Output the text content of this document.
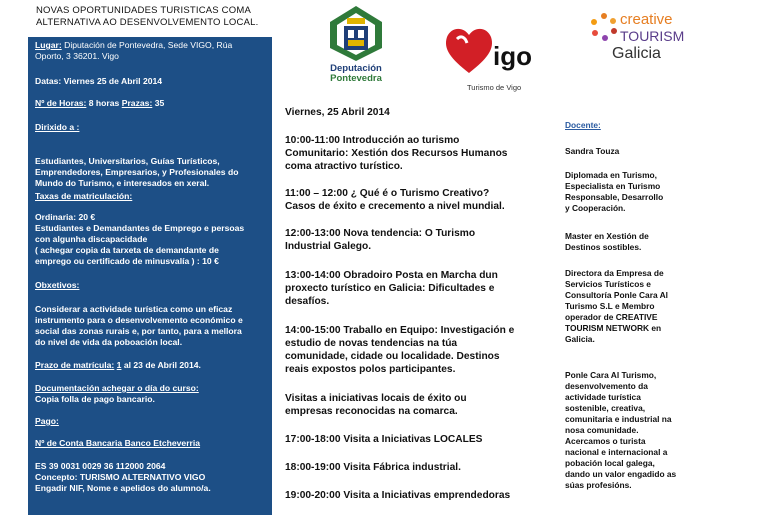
NOVAS OPORTUNIDADES TURISTICAS COMA
ALTERNATIVA AO DESENVOLVEMENTO LOCAL.
Lugar: Diputación de Pontevedra, Sede VIGO, Rúa
Oporto, 3 36201. Vigo
Datas: Viernes 25 de Abril 2014
Nº de Horas: 8 horas Prazas: 35
Dirixido a :
Estudiantes, Universitarios, Guías Turísticos,
Emprendedores, Empresarios, y Profesionales do
Mundo do Turismo, e interesados en xeral.
Taxas de matriculación:
Ordinaria: 20 €
Estudiantes e Demandantes de Emprego e persoas
con algunha discapacidade
( achegar copia da tarxeta de demandante de
emprego ou certificado de minusvalía ) : 10 €
Obxetivos:
Considerar a actividade turística como un eficaz
instrumento para o desenvolvemento económico e
social das zonas rurais e, por tanto, para a mellora
do nivel de vida da poboación local.
Prazo de matrícula: 1 al 23 de Abril 2014.
Documentación achegar o día do curso:
Copia folla de pago bancario.
Pago:
Nº de Conta Bancaria Banco Etcheverria
ES 39 0031 0029 36 112000 2064
Concepto: TURISMO ALTERNATIVO VIGO
Engadir NIF, Nome e apelidos do alumno/a.
Deputación
Pontevedra
igo
Turismo de Vigo
creative
TOURISM
Galicia
Viernes, 25 Abril 2014
10:00-11:00 Introducción ao turismo
Comunitario: Xestión dos Recursos Humanos
coma atractivo turístico.
11:00 – 12:00 ¿ Qué é o Turismo Creativo?
Casos de éxito e crecemento a nivel mundial.
12:00-13:00 Nova tendencia: O Turismo
Industrial Galego.
13:00-14:00 Obradoiro Posta en Marcha dun
proxecto turístico en Galicia: Dificultades e
desafíos.
14:00-15:00 Traballo en Equipo: Investigación e
estudio de novas tendencias na túa
comunidade, cidade ou localidade. Destinos
reais expostos polos participantes.
Visitas a iniciativas locais de éxito ou
empresas reconocidas na comarca.
17:00-18:00 Visita a Iniciativas LOCALES
18:00-19:00 Visita Fábrica industrial.
19:00-20:00 Visita a Iniciativas emprendedoras
Docente:
Sandra Touza
Diplomada en Turismo,
Especialista en Turismo
Responsable, Desarrollo
y Cooperación.
Master en Xestión de
Destinos sostibles.
Directora da Empresa de
Servicios Turísticos e
Consultoría Ponle Cara Al
Turismo S.L e Membro
operador de CREATIVE
TOURISM NETWORK en
Galicia.
Ponle Cara Al Turismo,
desenvolvemento da
actividade turística
sostenible, creativa,
comunitaria e industrial na
nosa comunidade.
Acercamos o turista
nacional e internacional a
pobación local galega,
dando un valor engadido as
súas profesións.
